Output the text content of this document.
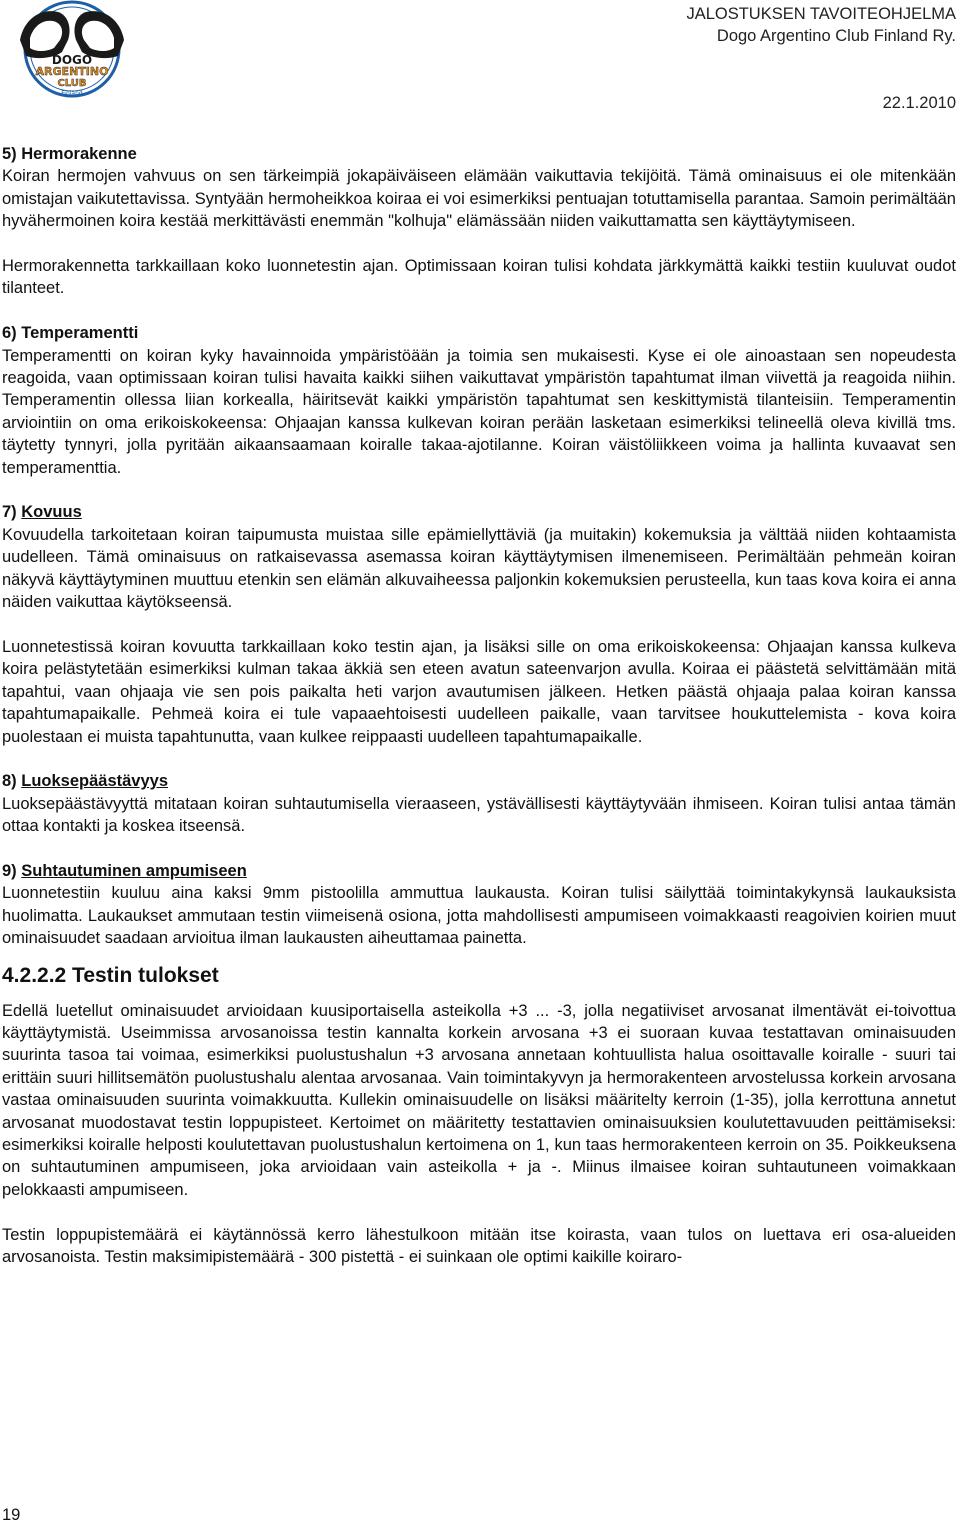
DOGO
ARGENTINO
CLUB
Finland
JALOSTUKSEN TAVOITEOHJELMA
Dogo Argentino Club Finland Ry.
22.1.2010
5) Hermorakenne

Koiran hermojen vahvuus on sen tärkeimpiä jokapäiväiseen elämään vaikuttavia tekijöitä. Tämä ominaisuus ei ole mitenkään omistajan vaikutettavissa. Syntyään hermoheikkoa koiraa ei voi esimerkiksi pentuajan totuttamisella parantaa. Samoin perimältään hyvähermoinen koira kestää merkittävästi enemmän "kolhuja" elämässään niiden vaikuttamatta sen käyttäytymiseen.

Hermorakennetta tarkkaillaan koko luonnetestin ajan. Optimissaan koiran tulisi kohdata järkkymättä kaikki testiin kuuluvat oudot tilanteet.

6) Temperamentti

Temperamentti on koiran kyky havainnoida ympäristöään ja toimia sen mukaisesti. Kyse ei ole ainoastaan sen nopeudesta reagoida, vaan optimissaan koiran tulisi havaita kaikki siihen vaikuttavat ympäristön tapahtumat ilman viivettä ja reagoida niihin. Temperamentin ollessa liian korkealla, häiritsevät kaikki ympäristön tapahtumat sen keskittymistä tilanteisiin. Temperamentin arviointiin on oma erikoiskokeensa: Ohjaajan kanssa kulkevan koiran perään lasketaan esimerkiksi telineellä oleva kivillä tms. täytetty tynnyri, jolla pyritään aikaansaamaan koiralle takaa-ajotilanne. Koiran väistöliikkeen voima ja hallinta kuvaavat sen temperamenttia.

7) Kovuus

Kovuudella tarkoitetaan koiran taipumusta muistaa sille epämiellyttäviä (ja muitakin) kokemuksia ja välttää niiden kohtaamista uudelleen. Tämä ominaisuus on ratkaisevassa asemassa koiran käyttäytymisen ilmenemiseen. Perimältään pehmeän koiran näkyvä käyttäytyminen muuttuu etenkin sen elämän alkuvaiheessa paljonkin kokemuksien perusteella, kun taas kova koira ei anna näiden vaikuttaa käytökseensä.

Luonnetestissä koiran kovuutta tarkkaillaan koko testin ajan, ja lisäksi sille on oma erikoiskokeensa: Ohjaajan kanssa kulkeva koira pelästytetään esimerkiksi kulman takaa äkkiä sen eteen avatun sateenvarjon avulla. Koiraa ei päästetä selvittämään mitä tapahtui, vaan ohjaaja vie sen pois paikalta heti varjon avautumisen jälkeen. Hetken päästä ohjaaja palaa koiran kanssa tapahtumapaikalle. Pehmeä koira ei tule vapaaehtoisesti uudelleen paikalle, vaan tarvitsee houkuttelemista - kova koira puolestaan ei muista tapahtunutta, vaan kulkee reippaasti uudelleen tapahtumapaikalle.

8) Luoksepäästävyys

Luoksepäästävyyttä mitataan koiran suhtautumisella vieraaseen, ystävällisesti käyttäytyvään ihmiseen. Koiran tulisi antaa tämän ottaa kontakti ja koskea itseensä.

9) Suhtautuminen ampumiseen

Luonnetestiin kuuluu aina kaksi 9mm pistoolilla ammuttua laukausta. Koiran tulisi säilyttää toimintakykynsä laukauksista huolimatta. Laukaukset ammutaan testin viimeisenä osiona, jotta mahdollisesti ampumiseen voimakkaasti reagoivien koirien muut ominaisuudet saadaan arvioitua ilman laukausten aiheuttamaa painetta.

4.2.2.2 Testin tulokset

Edellä luetellut ominaisuudet arvioidaan kuusiportaisella asteikolla +3 ... -3, jolla negatiiviset arvosanat ilmentävät ei-toivottua käyttäytymistä. Useimmissa arvosanoissa testin kannalta korkein arvosana +3 ei suoraan kuvaa testattavan ominaisuuden suurinta tasoa tai voimaa, esimerkiksi puolustushalun +3 arvosana annetaan kohtuullista halua osoittavalle koiralle - suuri tai erittäin suuri hillitsemätön puolustushalu alentaa arvosanaa. Vain toimintakyvyn ja hermorakenteen arvostelussa korkein arvosana vastaa ominaisuuden suurinta voimakkuutta. Kullekin ominaisuudelle on lisäksi määritelty kerroin (1-35), jolla kerrottuna annetut arvosanat muodostavat testin loppupisteet. Kertoimet on määritetty testattavien ominaisuuksien koulutettavuuden peittämiseksi: esimerkiksi koiralle helposti koulutettavan puolustushalun kertoimena on 1, kun taas hermorakenteen kerroin on 35. Poikkeuksena on suhtautuminen ampumiseen, joka arvioidaan vain asteikolla + ja -. Miinus ilmaisee koiran suhtautuneen voimakkaan pelokkaasti ampumiseen.

Testin loppupistemäärä ei käytännössä kerro lähestulkoon mitään itse koirasta, vaan tulos on luettava eri osa-alueiden arvosanoista. Testin maksimipistemäärä - 300 pistettä - ei suinkaan ole optimi kaikille koiraro-

19
